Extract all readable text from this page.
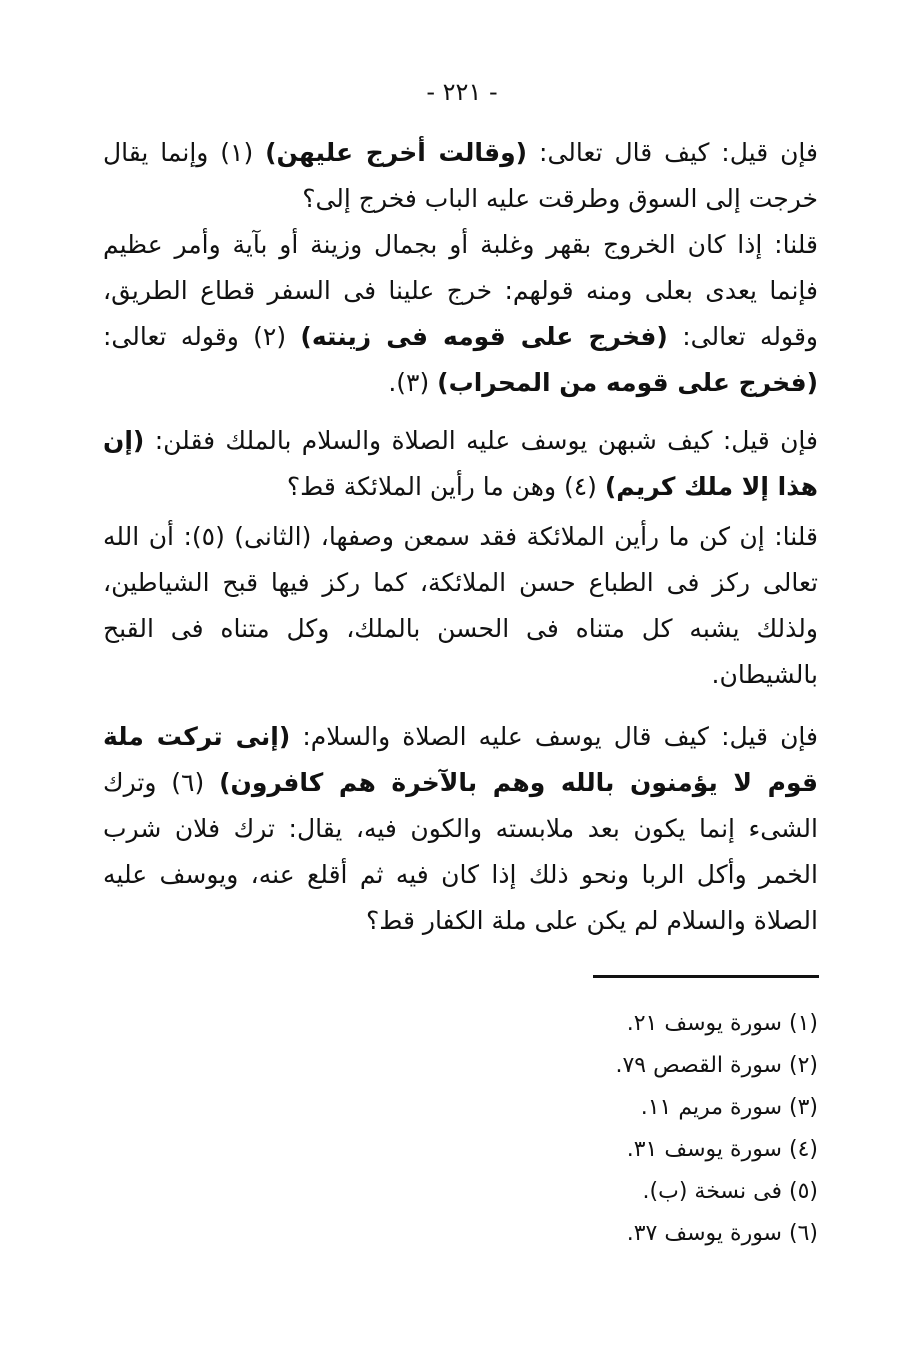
- ٢٢١ -

فإن قيل: كيف قال تعالى: (وقالت أخرج عليهن) (١) وإنما يقال خرجت إلى السوق وطرقت عليه الباب فخرج إلى؟

قلنا: إذا كان الخروج بقهر وغلبة أو بجمال وزينة أو بآية وأمر عظيم فإنما يعدى بعلى ومنه قولهم: خرج علينا فى السفر قطاع الطريق، وقوله تعالى: (فخرج على قومه فى زينته) (٢) وقوله تعالى: (فخرج على قومه من المحراب) (٣).

فإن قيل: كيف شبهن يوسف عليه الصلاة والسلام بالملك فقلن: (إن هذا إلا ملك كريم) (٤) وهن ما رأين الملائكة قط؟

قلنا: إن كن ما رأين الملائكة فقد سمعن وصفها، (الثانى) (٥): أن الله تعالى ركز فى الطباع حسن الملائكة، كما ركز فيها قبح الشياطين، ولذلك يشبه كل متناه فى الحسن بالملك، وكل متناه فى القبح بالشيطان.

فإن قيل: كيف قال يوسف عليه الصلاة والسلام: (إنى تركت ملة قوم لا يؤمنون بالله وهم بالآخرة هم كافرون) (٦) وترك الشىء إنما يكون بعد ملابسته والكون فيه، يقال: ترك فلان شرب الخمر وأكل الربا ونحو ذلك إذا كان فيه ثم أقلع عنه، ويوسف عليه الصلاة والسلام لم يكن على ملة الكفار قط؟

(١) سورة يوسف ٢١.
(٢) سورة القصص ٧٩.
(٣) سورة مريم ١١.
(٤) سورة يوسف ٣١.
(٥) فى نسخة (ب).
(٦) سورة يوسف ٣٧.
